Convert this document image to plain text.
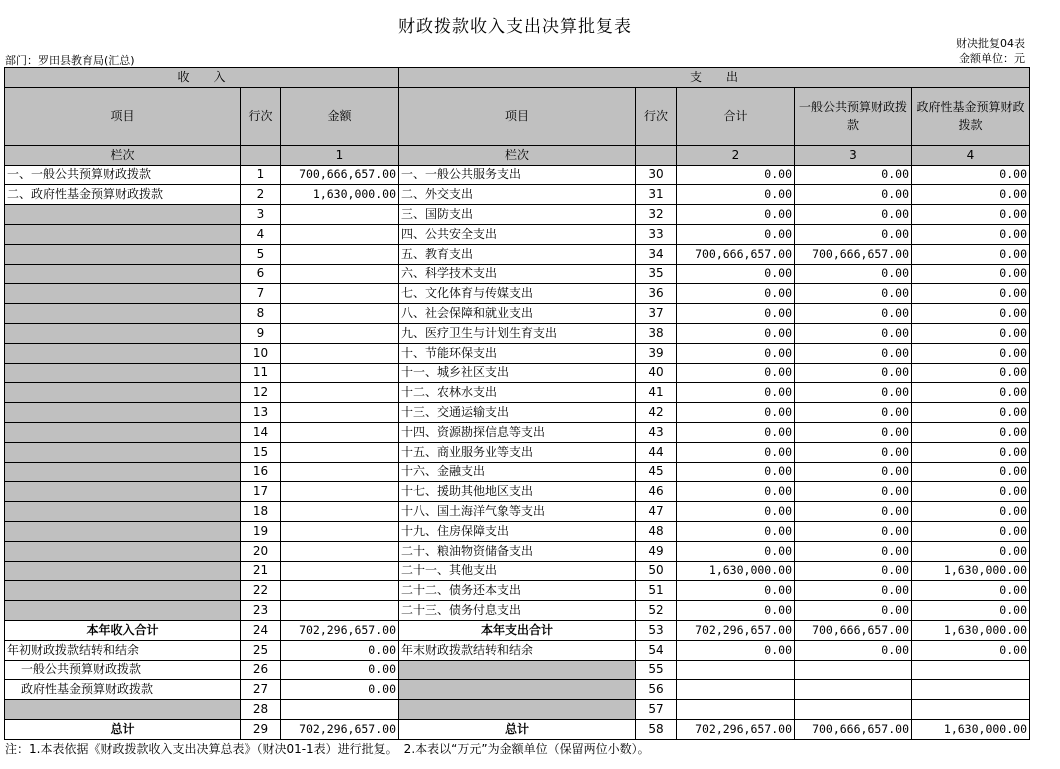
财政拨款收入支出决算批复表
部门：罗田县教育局(汇总)
财决批复04表
金额单位：元
收　　入			支　　出				
项目	行次	金额	项目	行次	合计	一般公共预算财政拨款	政府性基金预算财政拨款
栏次		1	栏次		2	3	4
一、一般公共预算财政拨款	1	700,666,657.00	一、一般公共服务支出	30	0.00	0.00	0.00
二、政府性基金预算财政拨款	2	1,630,000.00	二、外交支出	31	0.00	0.00	0.00
	3		三、国防支出	32	0.00	0.00	0.00
	4		四、公共安全支出	33	0.00	0.00	0.00
	5		五、教育支出	34	700,666,657.00	700,666,657.00	0.00
	6		六、科学技术支出	35	0.00	0.00	0.00
	7		七、文化体育与传媒支出	36	0.00	0.00	0.00
	8		八、社会保障和就业支出	37	0.00	0.00	0.00
	9		九、医疗卫生与计划生育支出	38	0.00	0.00	0.00
	10		十、节能环保支出	39	0.00	0.00	0.00
	11		十一、城乡社区支出	40	0.00	0.00	0.00
	12		十二、农林水支出	41	0.00	0.00	0.00
	13		十三、交通运输支出	42	0.00	0.00	0.00
	14		十四、资源勘探信息等支出	43	0.00	0.00	0.00
	15		十五、商业服务业等支出	44	0.00	0.00	0.00
	16		十六、金融支出	45	0.00	0.00	0.00
	17		十七、援助其他地区支出	46	0.00	0.00	0.00
	18		十八、国土海洋气象等支出	47	0.00	0.00	0.00
	19		十九、住房保障支出	48	0.00	0.00	0.00
	20		二十、粮油物资储备支出	49	0.00	0.00	0.00
	21		二十一、其他支出	50	1,630,000.00	0.00	1,630,000.00
	22		二十二、债务还本支出	51	0.00	0.00	0.00
	23		二十三、债务付息支出	52	0.00	0.00	0.00
本年收入合计	24	702,296,657.00	本年支出合计	53	702,296,657.00	700,666,657.00	1,630,000.00
年初财政拨款结转和结余	25	0.00	年末财政拨款结转和结余	54	0.00	0.00	0.00
一般公共预算财政拨款	26	0.00		55			
政府性基金预算财政拨款	27	0.00		56			
	28			57			
总计	29	702,296,657.00	总计	58	702,296,657.00	700,666,657.00	1,630,000.00
注：1.本表依据《财政拨款收入支出决算总表》（财决01-1表）进行批复。　2.本表以“万元”为金额单位（保留两位小数）。
